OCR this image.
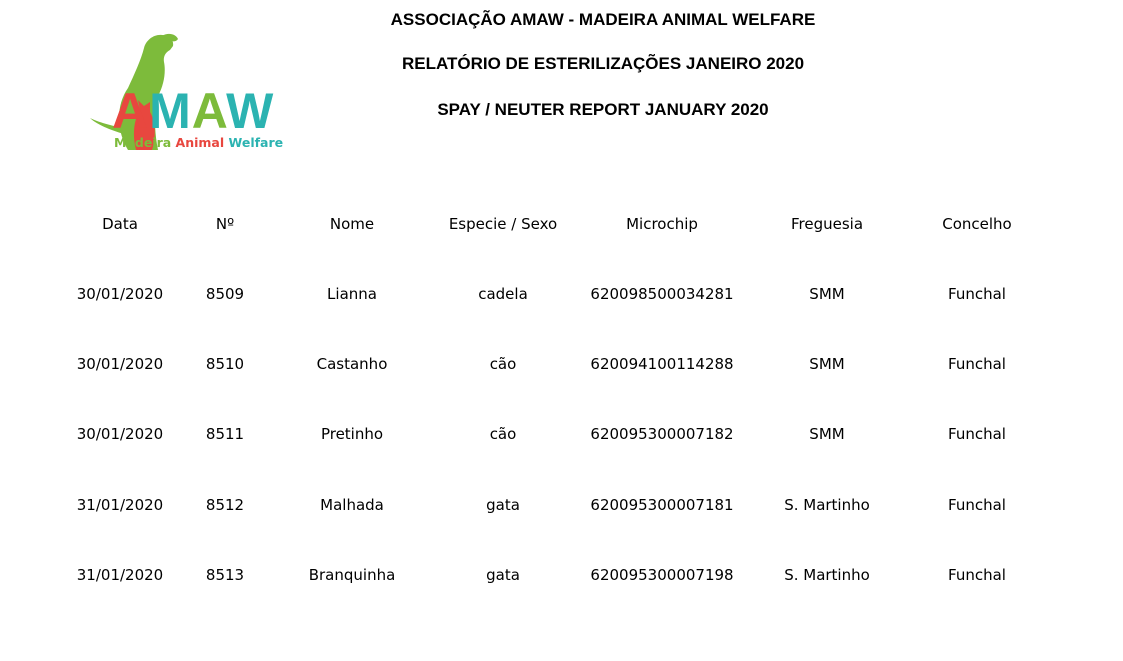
AMAW
Madeira Animal Welfare
ASSOCIAÇÃO AMAW - MADEIRA ANIMAL WELFARE
RELATÓRIO DE ESTERILIZAÇÕES JANEIRO 2020
SPAY / NEUTER REPORT JANUARY 2020
Data	Nº	Nome	Especie / Sexo	Microchip	Freguesia	Concelho
30/01/2020	8509	Lianna	cadela	620098500034281	SMM	Funchal
30/01/2020	8510	Castanho	cão	620094100114288	SMM	Funchal
30/01/2020	8511	Pretinho	cão	620095300007182	SMM	Funchal
31/01/2020	8512	Malhada	gata	620095300007181	S. Martinho	Funchal
31/01/2020	8513	Branquinha	gata	620095300007198	S. Martinho	Funchal
